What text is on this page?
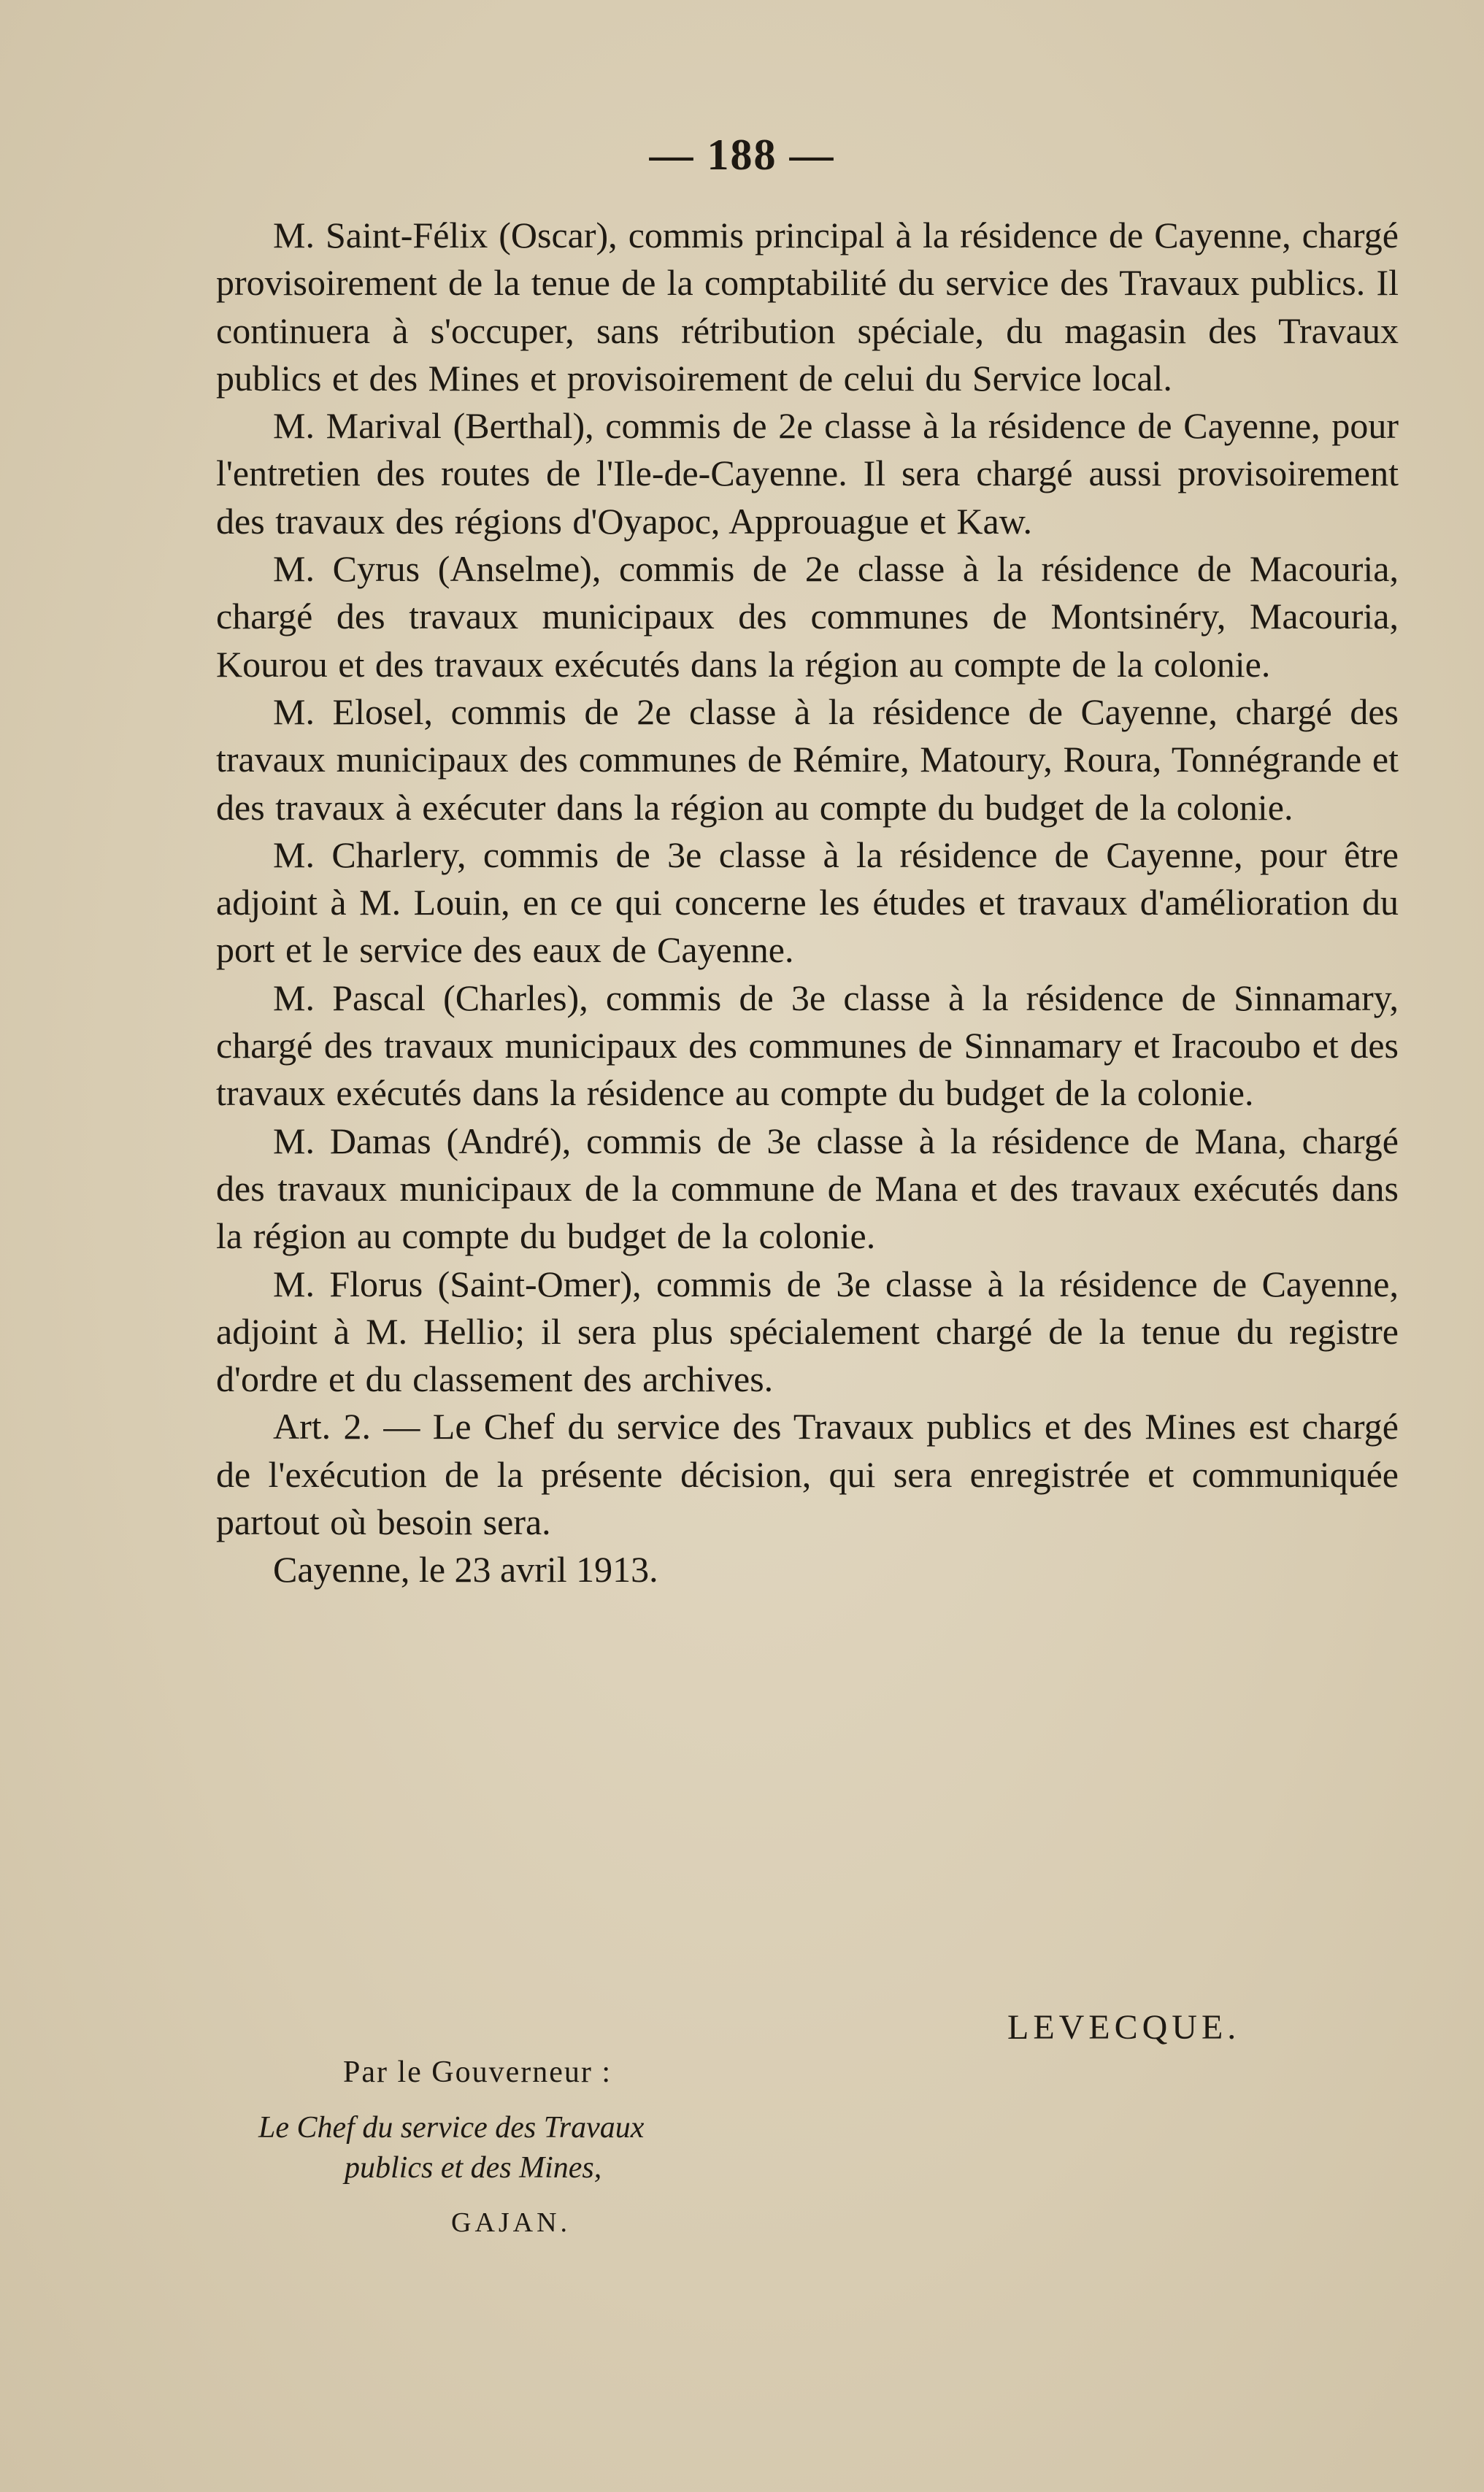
— 188 —

M. Saint-Félix (Oscar), commis principal à la résidence de Cayenne, chargé provisoirement de la tenue de la comptabilité du service des Travaux publics. Il continuera à s'occuper, sans rétribution spéciale, du magasin des Travaux publics et des Mines et provisoirement de celui du Service local.

M. Marival (Berthal), commis de 2e classe à la résidence de Cayenne, pour l'entretien des routes de l'Ile-de-Cayenne. Il sera chargé aussi provisoirement des travaux des régions d'Oyapoc, Approuague et Kaw.

M. Cyrus (Anselme), commis de 2e classe à la résidence de Macouria, chargé des travaux municipaux des communes de Montsinéry, Macouria, Kourou et des travaux exécutés dans la région au compte de la colonie.

M. Elosel, commis de 2e classe à la résidence de Cayenne, chargé des travaux municipaux des communes de Rémire, Matoury, Roura, Tonnégrande et des travaux à exécuter dans la région au compte du budget de la colonie.

M. Charlery, commis de 3e classe à la résidence de Cayenne, pour être adjoint à M. Louin, en ce qui concerne les études et travaux d'amélioration du port et le service des eaux de Cayenne.

M. Pascal (Charles), commis de 3e classe à la résidence de Sinnamary, chargé des travaux municipaux des communes de Sinnamary et Iracoubo et des travaux exécutés dans la résidence au compte du budget de la colonie.

M. Damas (André), commis de 3e classe à la résidence de Mana, chargé des travaux municipaux de la commune de Mana et des travaux exécutés dans la région au compte du budget de la colonie.

M. Florus (Saint-Omer), commis de 3e classe à la résidence de Cayenne, adjoint à M. Hellio; il sera plus spécialement chargé de la tenue du registre d'ordre et du classement des archives.

Art. 2. — Le Chef du service des Travaux publics et des Mines est chargé de l'exécution de la présente décision, qui sera enregistrée et communiquée partout où besoin sera.

Cayenne, le 23 avril 1913.

LEVECQUE.
Par le Gouverneur :
Le Chef du service des Travaux
publics et des Mines,
GAJAN.
